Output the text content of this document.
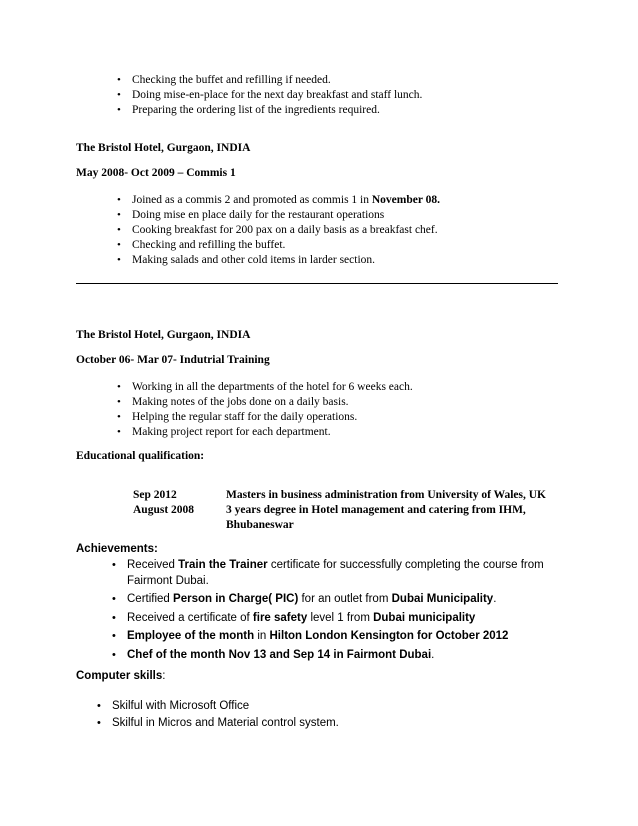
• Checking the buffet and refilling if needed.
• Doing mise-en-place for the next day breakfast and staff lunch.
• Preparing the ordering list of the ingredients required.
The Bristol Hotel, Gurgaon, INDIA
May 2008- Oct 2009 – Commis 1
• Joined as a commis 2 and promoted as commis 1 in November 08.
• Doing mise en place daily for the restaurant operations
• Cooking breakfast for 200 pax on a daily basis as a breakfast chef.
• Checking and refilling the buffet.
• Making salads and other cold items in larder section.
The Bristol Hotel, Gurgaon, INDIA
October 06- Mar 07- Indutrial Training
• Working in all the departments of the hotel for 6 weeks each.
• Making notes of the jobs done on a daily basis.
• Helping the regular staff for the daily operations.
• Making project report for each department.
Educational qualification:
Sep 2012	Masters in business administration from University of Wales, UK
August 2008	3 years degree in Hotel management and catering from IHM,
Bhubaneswar
Achievements:
• Received Train the Trainer certificate for successfully completing the course from
Fairmont Dubai.
• Certified Person in Charge( PIC) for an outlet from Dubai Municipality.
• Received a certificate of fire safety level 1 from Dubai municipality
• Employee of the month in Hilton London Kensington for October 2012
• Chef of the month Nov 13 and Sep 14 in Fairmont Dubai.
Computer skills:
• Skilful with Microsoft Office
• Skilful in Micros and Material control system.
